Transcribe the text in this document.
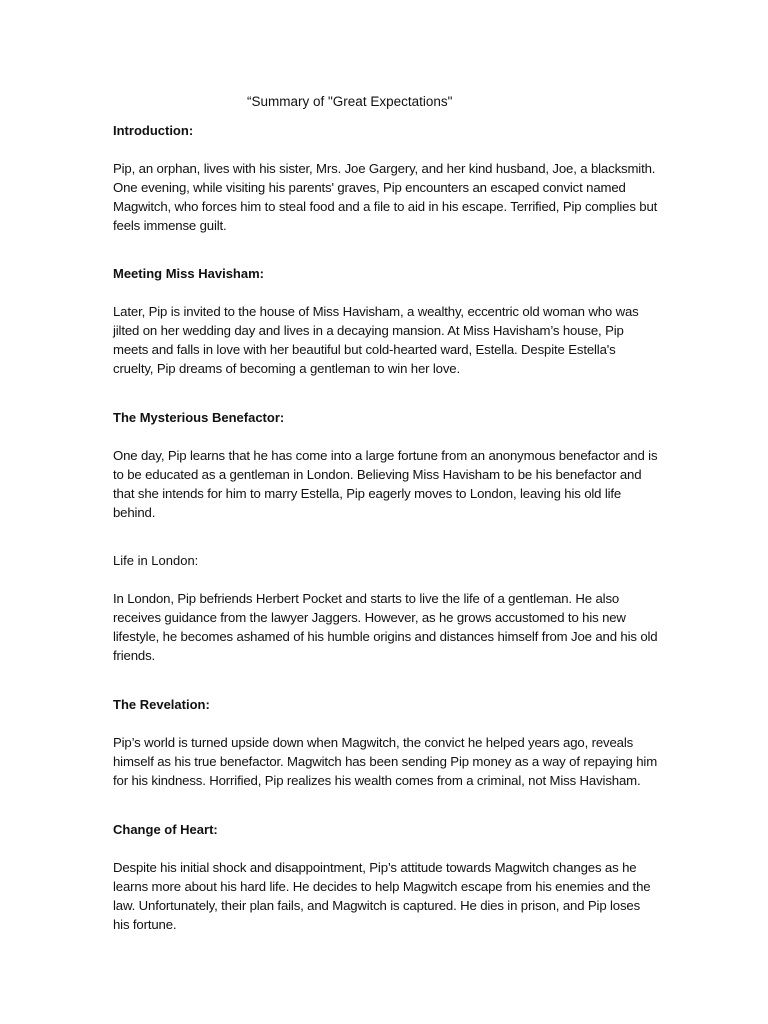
“Summary of "Great Expectations"

Introduction:

Pip, an orphan, lives with his sister, Mrs. Joe Gargery, and her kind husband, Joe, a blacksmith. One evening, while visiting his parents' graves, Pip encounters an escaped convict named Magwitch, who forces him to steal food and a file to aid in his escape. Terrified, Pip complies but feels immense guilt.

Meeting Miss Havisham:

Later, Pip is invited to the house of Miss Havisham, a wealthy, eccentric old woman who was jilted on her wedding day and lives in a decaying mansion. At Miss Havisham’s house, Pip meets and falls in love with her beautiful but cold-hearted ward, Estella. Despite Estella's cruelty, Pip dreams of becoming a gentleman to win her love.

The Mysterious Benefactor:

One day, Pip learns that he has come into a large fortune from an anonymous benefactor and is to be educated as a gentleman in London. Believing Miss Havisham to be his benefactor and that she intends for him to marry Estella, Pip eagerly moves to London, leaving his old life behind.

Life in London:

In London, Pip befriends Herbert Pocket and starts to live the life of a gentleman. He also receives guidance from the lawyer Jaggers. However, as he grows accustomed to his new lifestyle, he becomes ashamed of his humble origins and distances himself from Joe and his old friends.

The Revelation:

Pip’s world is turned upside down when Magwitch, the convict he helped years ago, reveals himself as his true benefactor. Magwitch has been sending Pip money as a way of repaying him for his kindness. Horrified, Pip realizes his wealth comes from a criminal, not Miss Havisham.

Change of Heart:

Despite his initial shock and disappointment, Pip’s attitude towards Magwitch changes as he learns more about his hard life. He decides to help Magwitch escape from his enemies and the law. Unfortunately, their plan fails, and Magwitch is captured. He dies in prison, and Pip loses his fortune.
